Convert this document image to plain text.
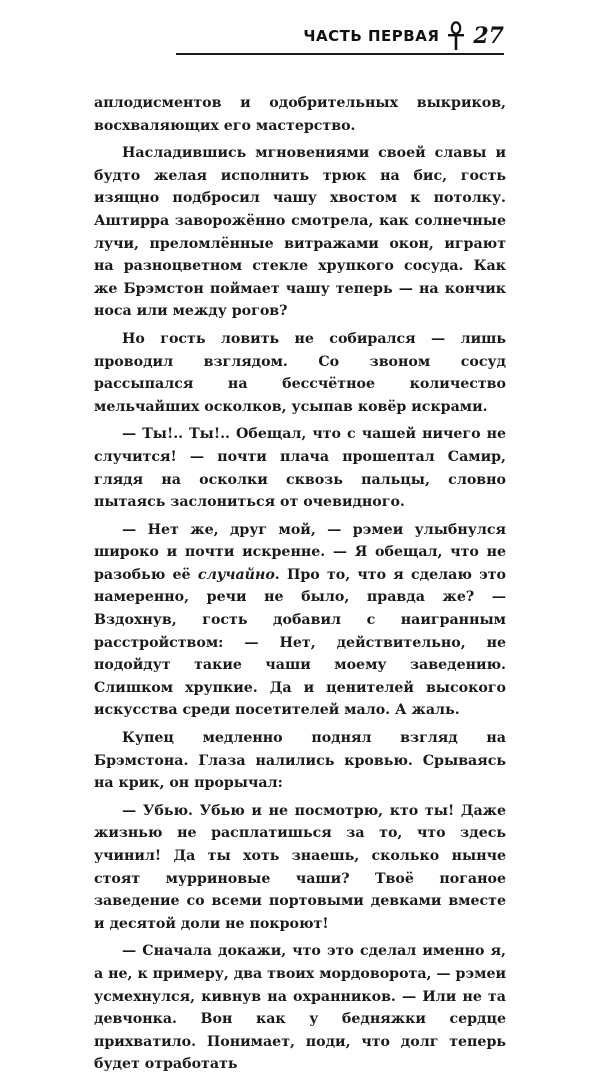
ЧАСТЬ ПЕРВАЯ 27

аплодисментов и одобрительных выкриков, восхваляющих его мастерство.

Насладившись мгновениями своей славы и будто желая исполнить трюк на бис, гость изящно подбросил чашу хвостом к потолку. Аштирра заворожённо смотрела, как солнечные лучи, преломлённые витражами окон, играют на разноцветном стекле хрупкого сосуда. Как же Брэмстон поймает чашу теперь — на кончик носа или между рогов?

Но гость ловить не собирался — лишь проводил взглядом. Со звоном сосуд рассыпался на бессчётное количество мельчайших осколков, усыпав ковёр искрами.

— Ты!.. Ты!.. Обещал, что с чашей ничего не случится! — почти плача прошептал Самир, глядя на осколки сквозь пальцы, словно пытаясь заслониться от очевидного.

— Нет же, друг мой, — рэмеи улыбнулся широко и почти искренне. — Я обещал, что не разобью её случайно. Про то, что я сделаю это намеренно, речи не было, правда же? — Вздохнув, гость добавил с наигранным расстройством: — Нет, действительно, не подойдут такие чаши моему заведению. Слишком хрупкие. Да и ценителей высокого искусства среди посетителей мало. А жаль.

Купец медленно поднял взгляд на Брэмстона. Глаза налились кровью. Срываясь на крик, он прорычал:

— Убью. Убью и не посмотрю, кто ты! Даже жизнью не расплатишься за то, что здесь учинил! Да ты хоть знаешь, сколько нынче стоят мурриновые чаши? Твоё поганое заведение со всеми портовыми девками вместе и десятой доли не покроют!

— Сначала докажи, что это сделал именно я, а не, к примеру, два твоих мордоворота, — рэмеи усмехнулся, кивнув на охранников. — Или не та девчонка. Вон как у бедняжки сердце прихватило. Понимает, поди, что долг теперь будет отработать
